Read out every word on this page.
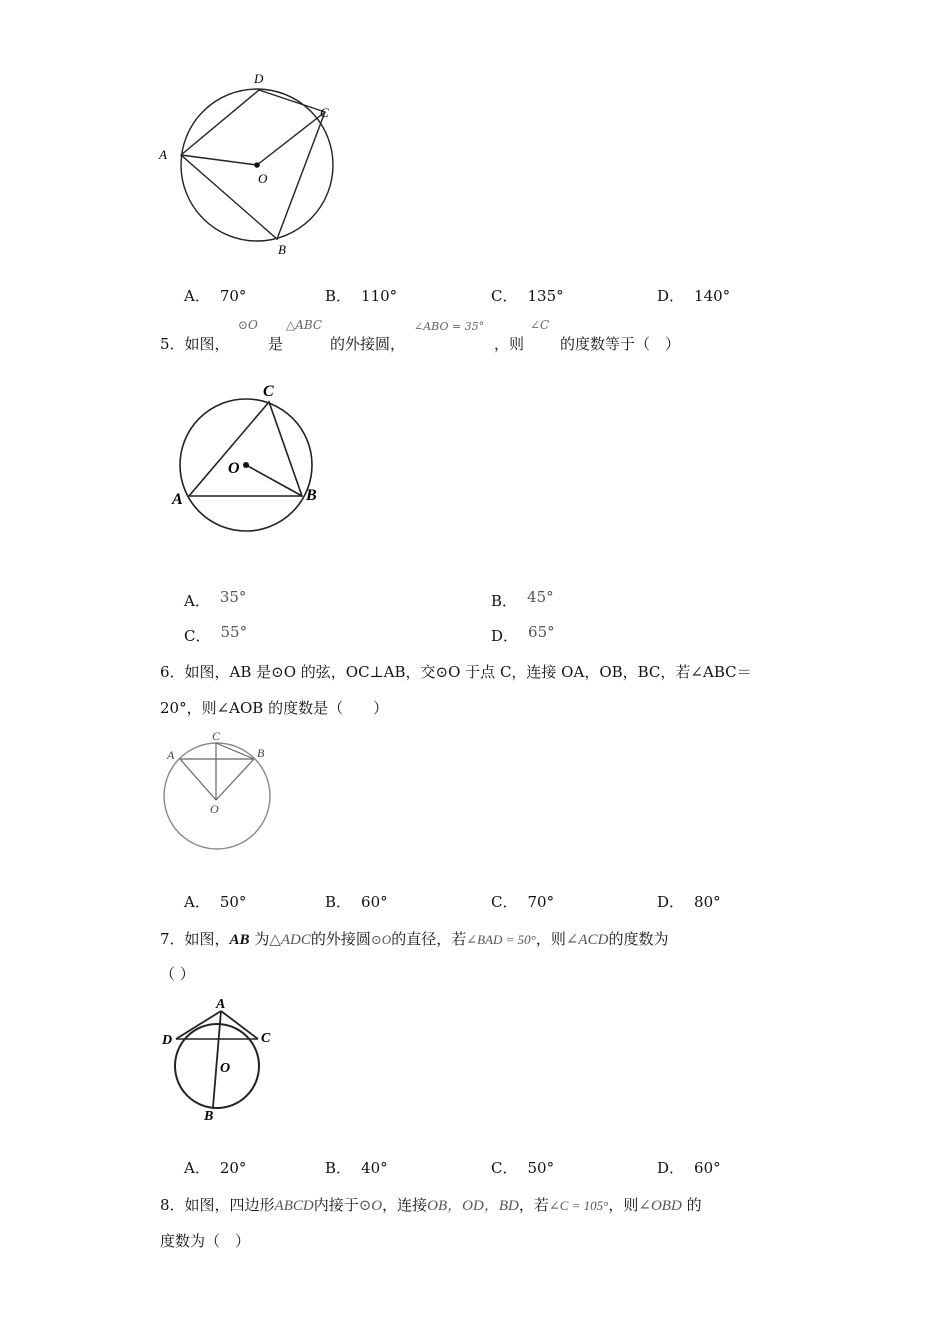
D
C
A
O
B
A． 70°	B． 110°	C． 135°	D． 140°
5．如图，
⊙O
是
△ABC
的外接圆，
∠ABO = 35°
，则
∠C
的度数等于（　）
C
O
A	B
A． 35°	B． 45°
C． 55°	D． 65°
6．如图，AB 是⊙O 的弦，OC⊥AB，交⊙O 于点 C，连接 OA，OB，BC，若∠ABC＝
20°，则∠AOB 的度数是（　　）
C
A	B
O
A． 50°	B． 60°	C． 70°	D． 80°
7．如图，AB 为△ADC的外接圆⊙O的直径，若∠BAD = 50°，则∠ACD的度数为
（ ）
A
D	C
O
B
A． 20°	B． 40°	C． 50°	D． 60°
8．如图，四边形ABCD内接于⊙O，连接OB，OD，BD，若∠C = 105°，则∠OBD 的
度数为（　）
